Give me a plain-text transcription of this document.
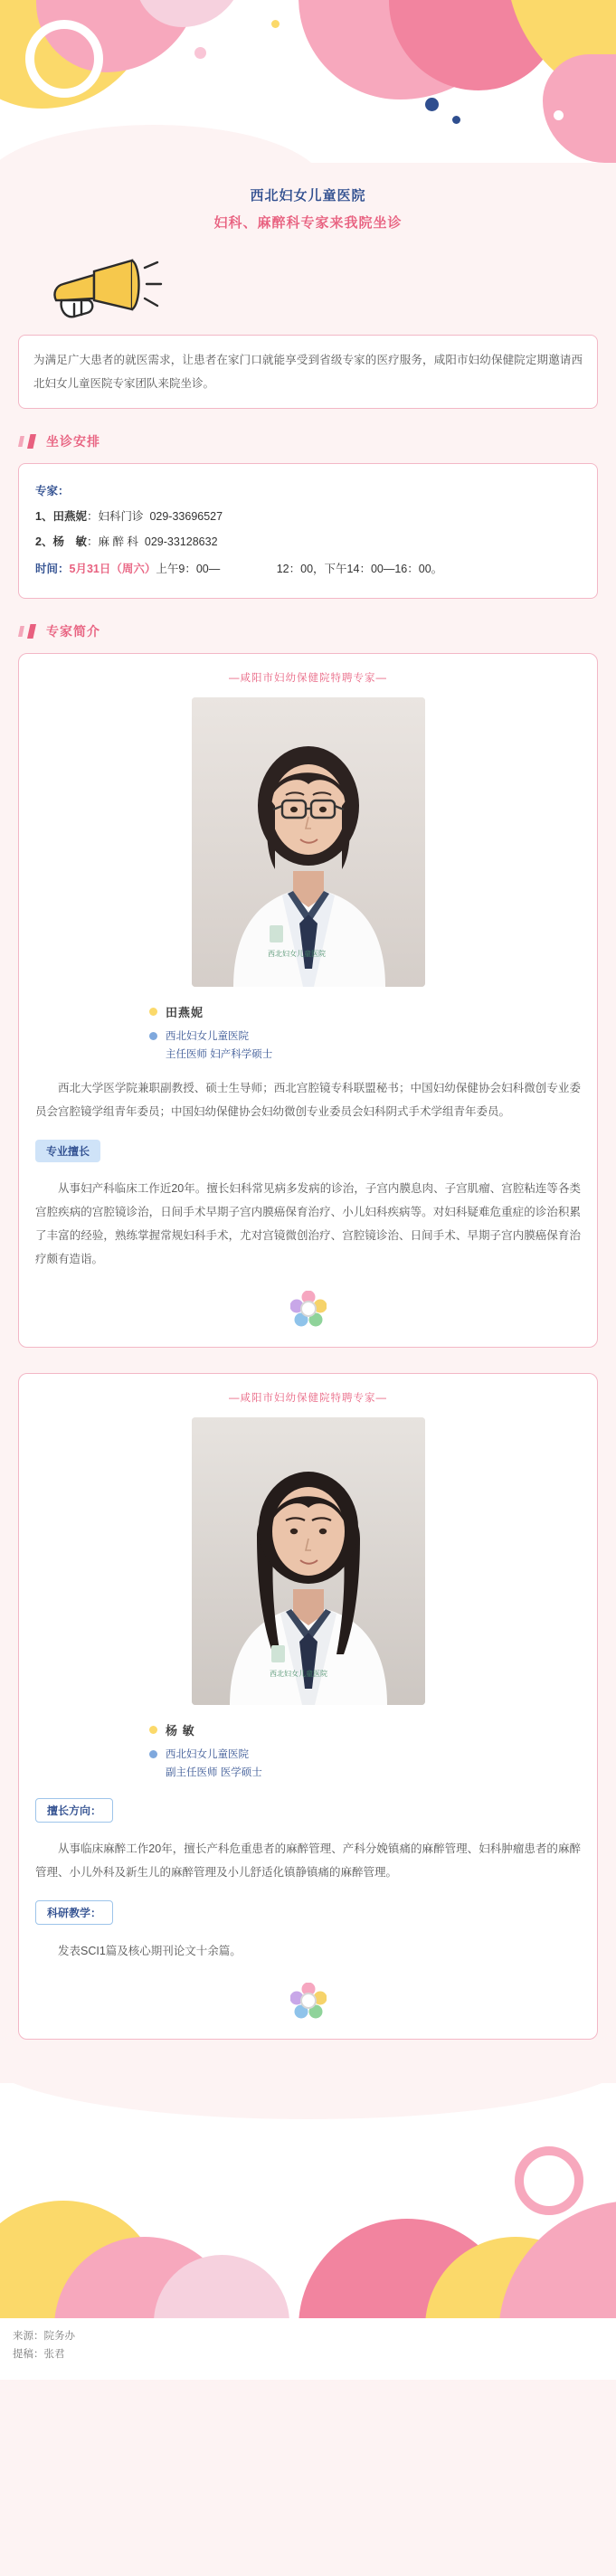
西北妇女儿童医院
妇科、麻醉科专家来我院坐诊
为满足广大患者的就医需求，让患者在家门口就能享受到省级专家的医疗服务，咸阳市妇幼保健院定期邀请西北妇女儿童医院专家团队来院坐诊。
坐诊安排
专家：
1、田燕妮：妇科门诊 029-33696527
2、杨　敏：麻 醉 科 029-33128632
时间：5月31日（周六）上午9：00—　　　　　12：00，下午14：00—16：00。
专家简介
—咸阳市妇幼保健院特聘专家—
西北妇女儿童医院
田燕妮
西北妇女儿童医院
主任医师 妇产科学硕士
西北大学医学院兼职副教授、硕士生导师；西北宫腔镜专科联盟秘书；中国妇幼保健协会妇科微创专业委员会宫腔镜学组青年委员；中国妇幼保健协会妇幼微创专业委员会妇科阴式手术学组青年委员。
专业擅长
从事妇产科临床工作近20年。擅长妇科常见病多发病的诊治，子宫内膜息肉、子宫肌瘤、宫腔粘连等各类宫腔疾病的宫腔镜诊治，日间手术早期子宫内膜癌保育治疗、小儿妇科疾病等。对妇科疑难危重症的诊治积累了丰富的经验，熟练掌握常规妇科手术，尤对宫镜微创治疗、宫腔镜诊治、日间手术、早期子宫内膜癌保育治疗颇有造诣。
—咸阳市妇幼保健院特聘专家—
西北妇女儿童医院
杨 敏
西北妇女儿童医院
副主任医师 医学硕士
擅长方向：
从事临床麻醉工作20年，擅长产科危重患者的麻醉管理、产科分娩镇痛的麻醉管理、妇科肿瘤患者的麻醉管理、小儿外科及新生儿的麻醉管理及小儿舒适化镇静镇痛的麻醉管理。
科研教学：
发表SCI1篇及核心期刊论文十余篇。
来源：院务办
提稿：张君
